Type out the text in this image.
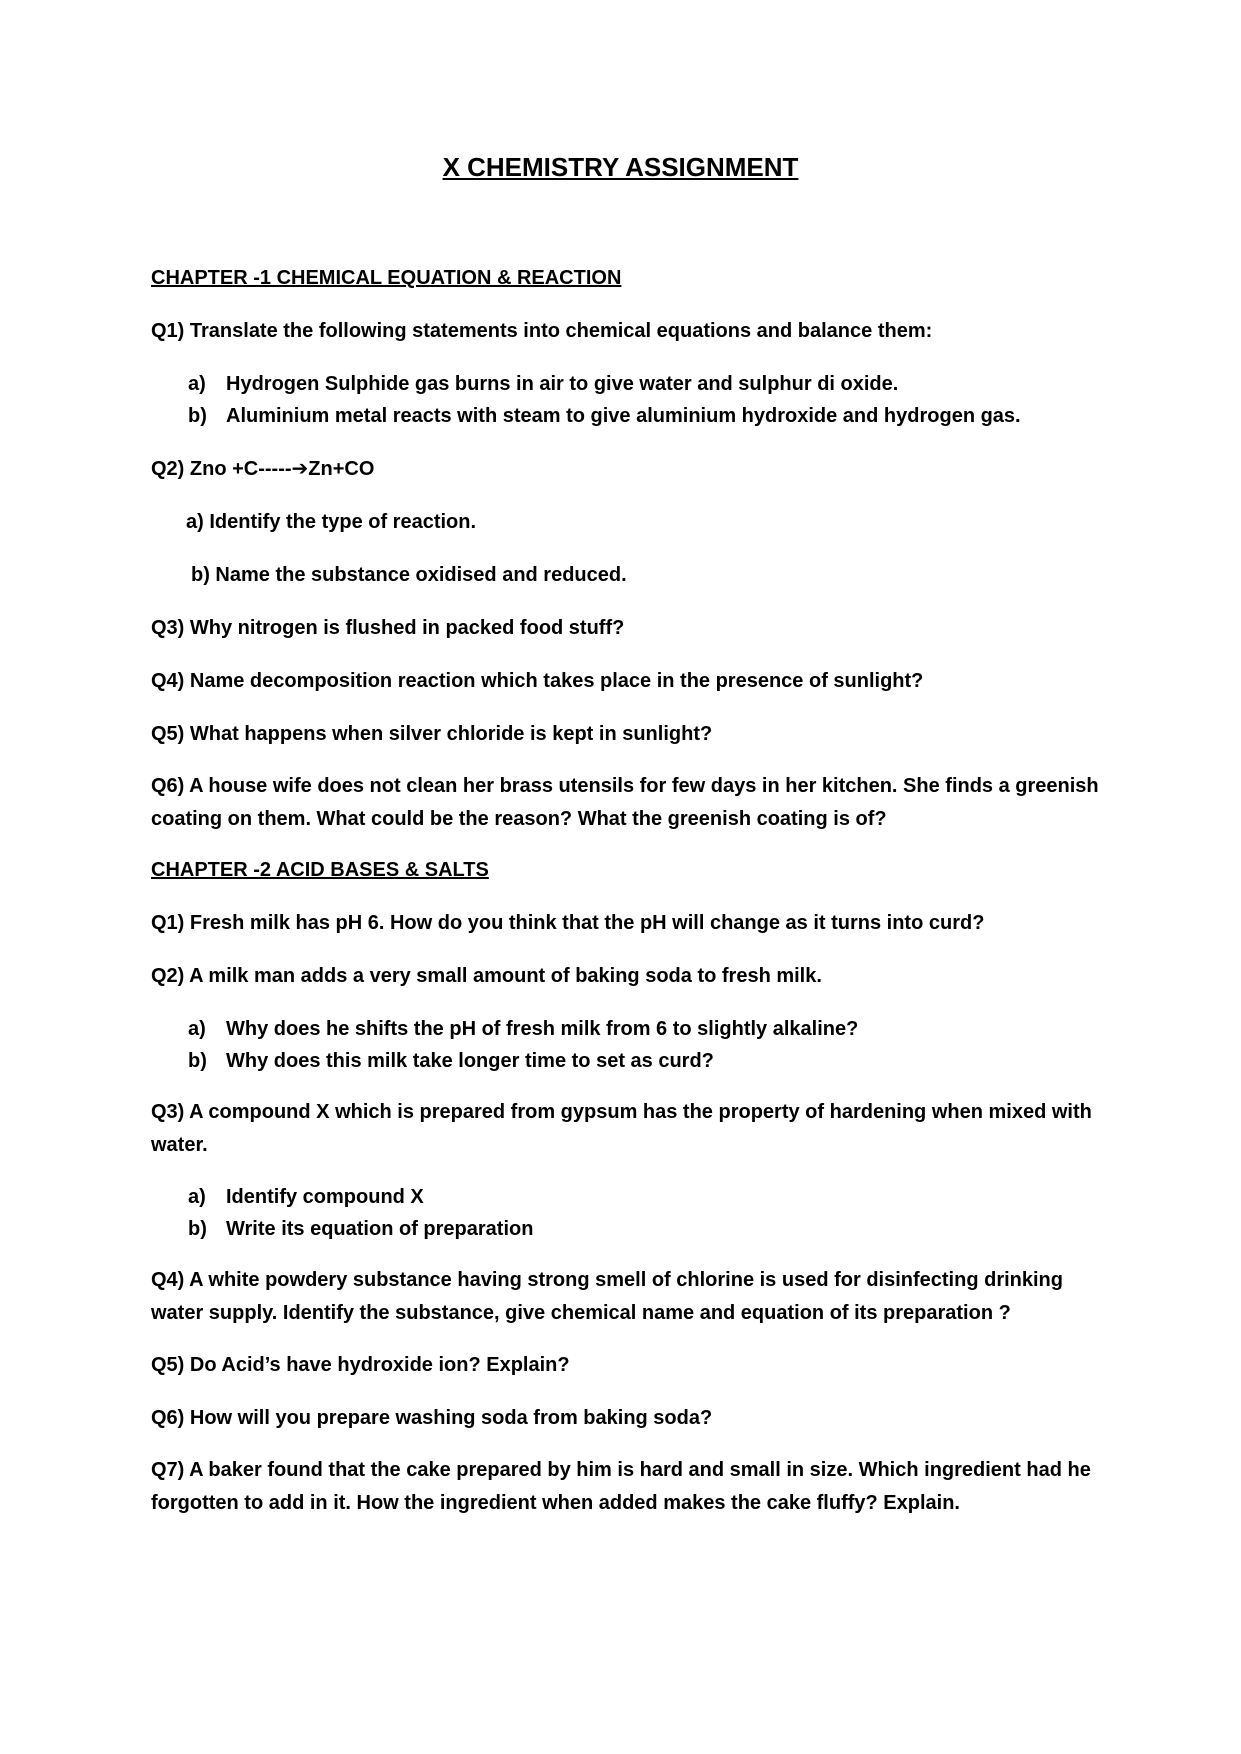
X CHEMISTRY ASSIGNMENT
CHAPTER -1 CHEMICAL EQUATION & REACTION
Q1) Translate the following statements into chemical equations and balance them:
a) Hydrogen Sulphide gas burns in air to give water and sulphur di oxide.
b) Aluminium metal reacts with steam to give aluminium hydroxide and hydrogen gas.
Q2) Zno +C-----➔Zn+CO
a) Identify the type of reaction.
b) Name the substance oxidised and reduced.
Q3) Why nitrogen is flushed in packed food stuff?
Q4) Name decomposition reaction which takes place in the presence of sunlight?
Q5) What happens when silver chloride is kept in sunlight?
Q6) A house wife does not clean her brass utensils for few days in her kitchen. She finds a greenish coating on them. What could be the reason? What the greenish coating is of?
CHAPTER -2 ACID BASES & SALTS
Q1) Fresh milk has pH 6. How do you think that the pH will change as it turns into curd?
Q2) A milk man adds a very small amount of baking soda to fresh milk.
a) Why does he shifts the pH of fresh milk from 6 to slightly alkaline?
b) Why does this milk take longer time to set as curd?
Q3) A compound X which is prepared from gypsum has the property of hardening when mixed with water.
a) Identify compound X
b) Write its equation of preparation
Q4) A white powdery substance having strong smell of chlorine is used for disinfecting drinking water supply. Identify the substance, give chemical name and equation of its preparation ?
Q5) Do Acid’s have hydroxide ion? Explain?
Q6) How will you prepare washing soda from baking soda?
Q7) A baker found that the cake prepared by him is hard and small in size. Which ingredient had he forgotten to add in it. How the ingredient when added makes the cake fluffy? Explain.
